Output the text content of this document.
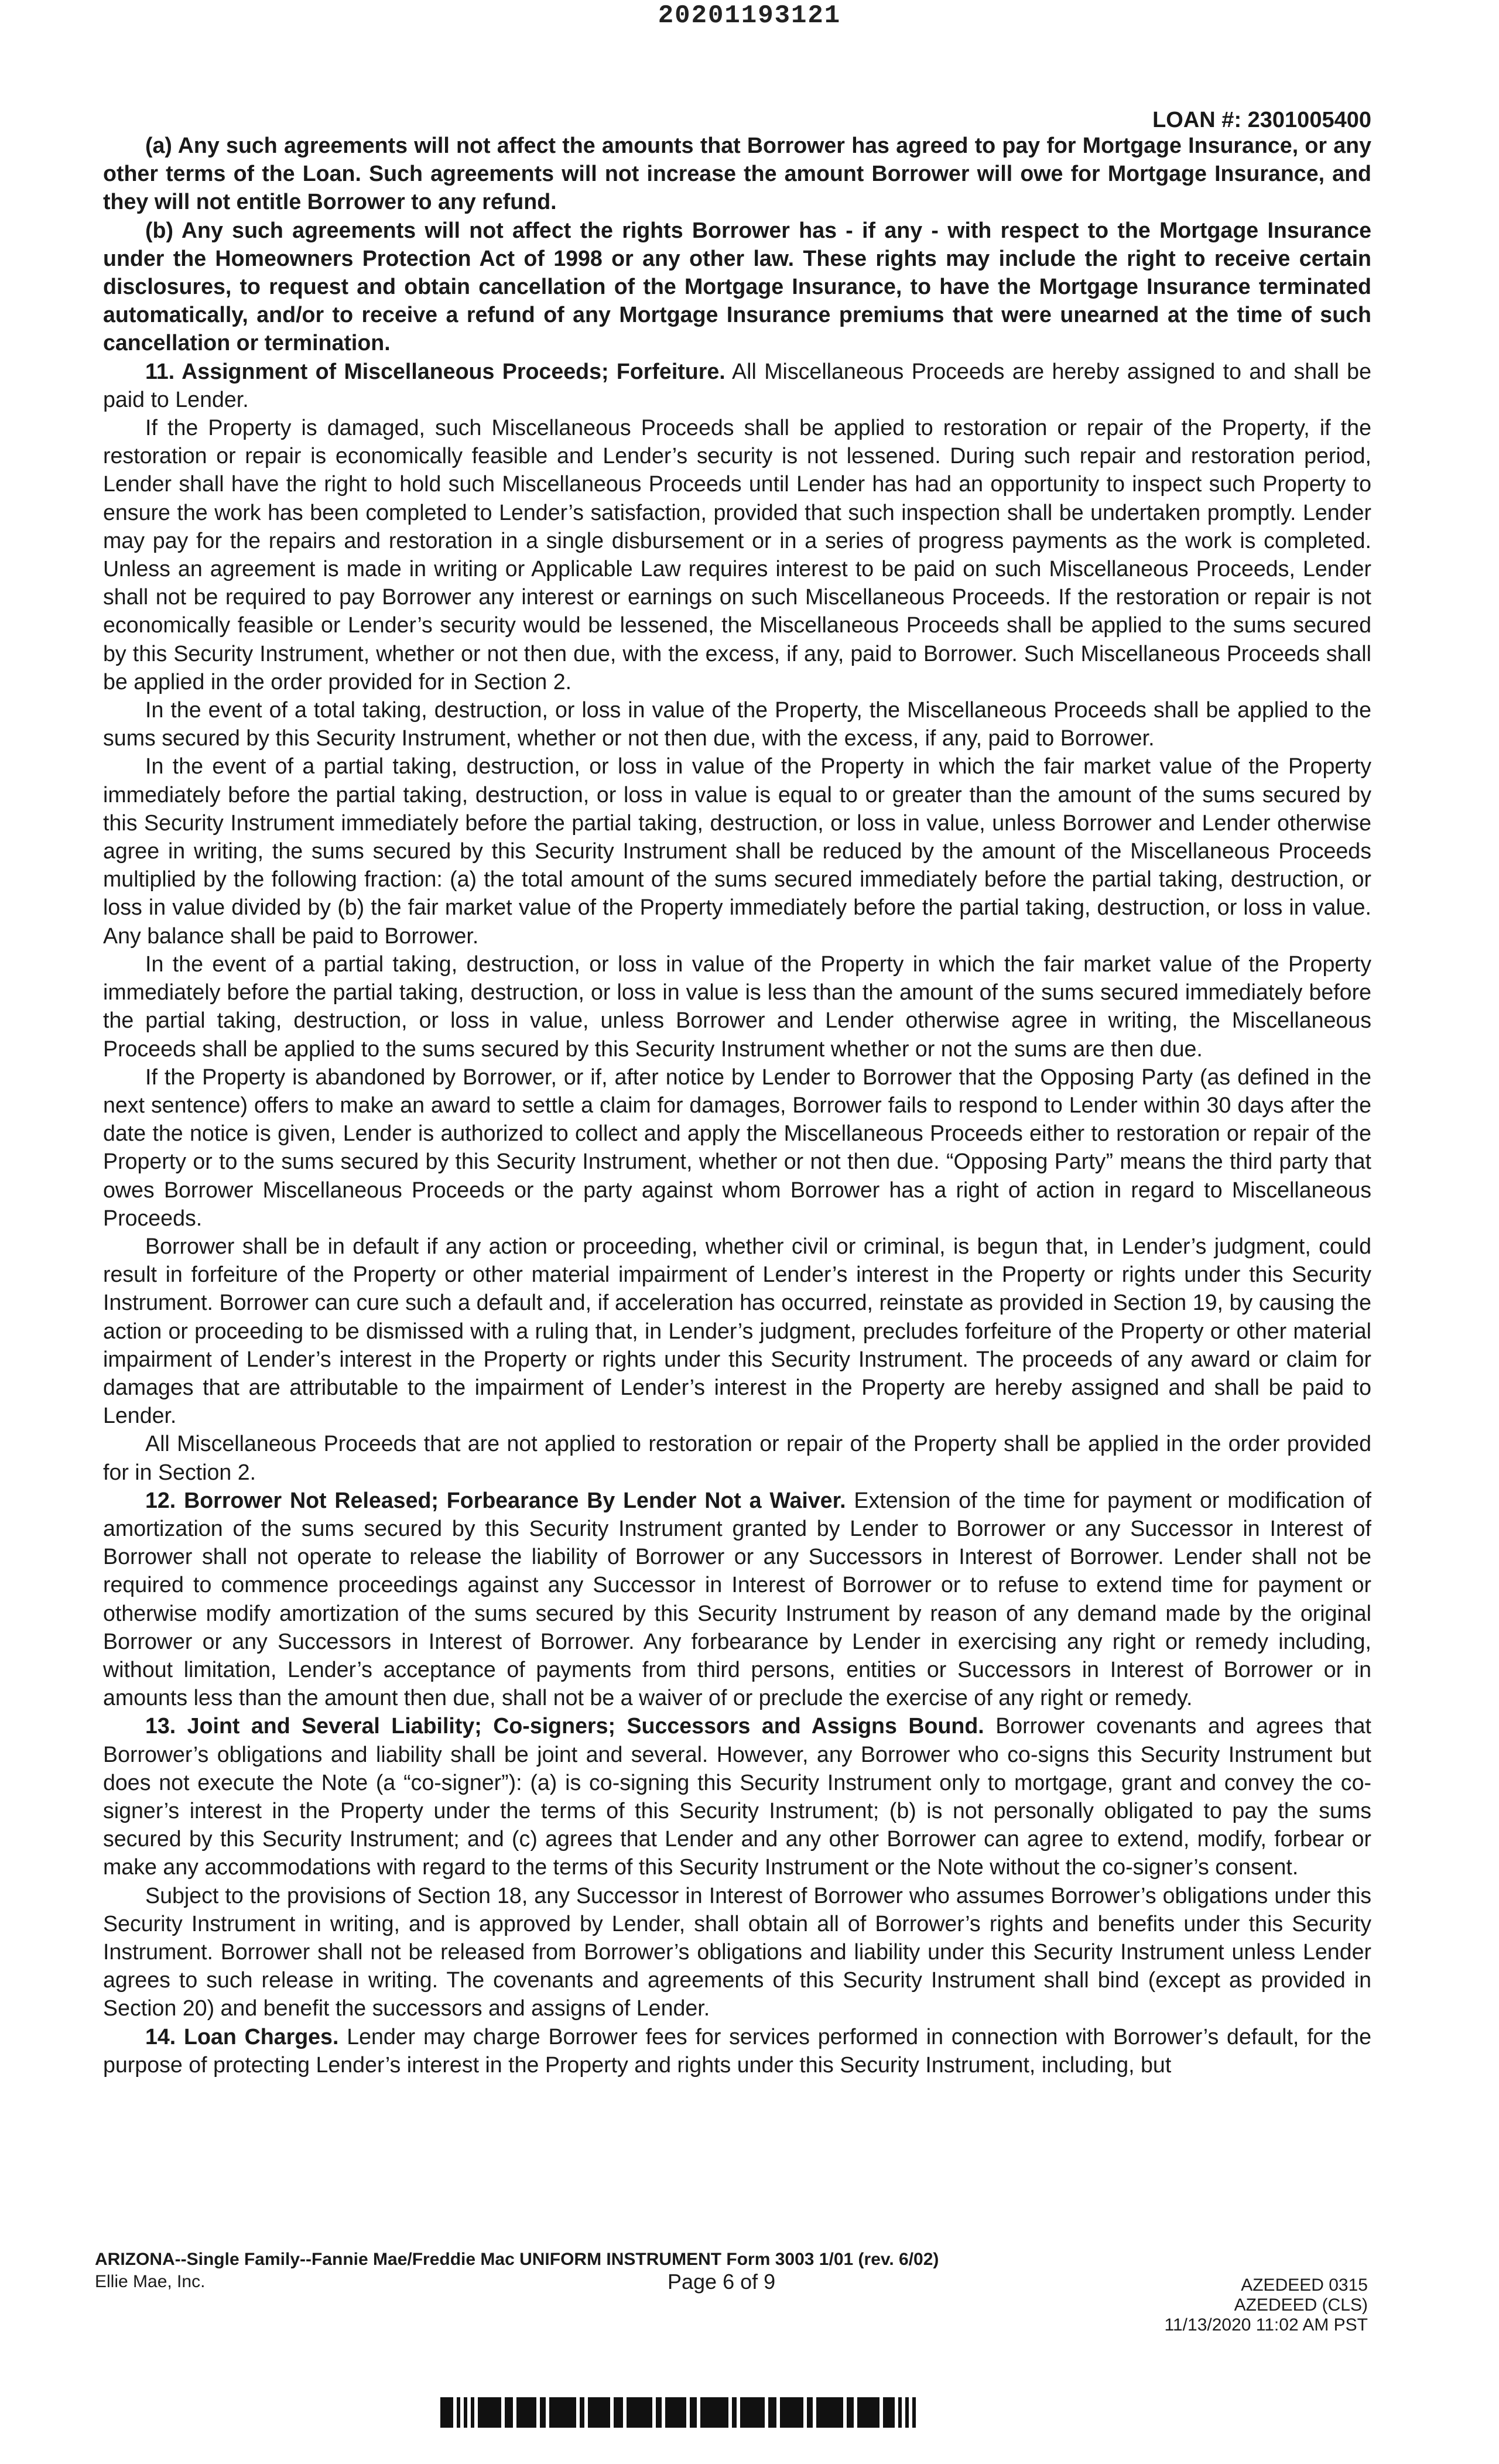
20201193121
LOAN #: 2301005400

(a) Any such agreements will not affect the amounts that Borrower has agreed to pay for Mortgage Insurance, or any other terms of the Loan. Such agreements will not increase the amount Borrower will owe for Mortgage Insurance, and they will not entitle Borrower to any refund.

(b) Any such agreements will not affect the rights Borrower has - if any - with respect to the Mortgage Insurance under the Homeowners Protection Act of 1998 or any other law. These rights may include the right to receive certain disclosures, to request and obtain cancellation of the Mortgage Insurance, to have the Mortgage Insurance terminated automatically, and/or to receive a refund of any Mortgage Insurance premiums that were unearned at the time of such cancellation or termination.

11. Assignment of Miscellaneous Proceeds; Forfeiture. All Miscellaneous Proceeds are hereby assigned to and shall be paid to Lender.

If the Property is damaged, such Miscellaneous Proceeds shall be applied to restoration or repair of the Property, if the restoration or repair is economically feasible and Lender’s security is not lessened. During such repair and restoration period, Lender shall have the right to hold such Miscellaneous Proceeds until Lender has had an opportunity to inspect such Property to ensure the work has been completed to Lender’s satisfaction, provided that such inspection shall be undertaken promptly. Lender may pay for the repairs and restoration in a single disbursement or in a series of progress payments as the work is completed. Unless an agreement is made in writing or Applicable Law requires interest to be paid on such Miscellaneous Proceeds, Lender shall not be required to pay Borrower any interest or earnings on such Miscellaneous Proceeds. If the restoration or repair is not economically feasible or Lender’s security would be lessened, the Miscellaneous Proceeds shall be applied to the sums secured by this Security Instrument, whether or not then due, with the excess, if any, paid to Borrower. Such Miscellaneous Proceeds shall be applied in the order provided for in Section 2.

In the event of a total taking, destruction, or loss in value of the Property, the Miscellaneous Proceeds shall be applied to the sums secured by this Security Instrument, whether or not then due, with the excess, if any, paid to Borrower.

In the event of a partial taking, destruction, or loss in value of the Property in which the fair market value of the Property immediately before the partial taking, destruction, or loss in value is equal to or greater than the amount of the sums secured by this Security Instrument immediately before the partial taking, destruction, or loss in value, unless Borrower and Lender otherwise agree in writing, the sums secured by this Security Instrument shall be reduced by the amount of the Miscellaneous Proceeds multiplied by the following fraction: (a) the total amount of the sums secured immediately before the partial taking, destruction, or loss in value divided by (b) the fair market value of the Property immediately before the partial taking, destruction, or loss in value. Any balance shall be paid to Borrower.

In the event of a partial taking, destruction, or loss in value of the Property in which the fair market value of the Property immediately before the partial taking, destruction, or loss in value is less than the amount of the sums secured immediately before the partial taking, destruction, or loss in value, unless Borrower and Lender otherwise agree in writing, the Miscellaneous Proceeds shall be applied to the sums secured by this Security Instrument whether or not the sums are then due.

If the Property is abandoned by Borrower, or if, after notice by Lender to Borrower that the Opposing Party (as defined in the next sentence) offers to make an award to settle a claim for damages, Borrower fails to respond to Lender within 30 days after the date the notice is given, Lender is authorized to collect and apply the Miscellaneous Proceeds either to restoration or repair of the Property or to the sums secured by this Security Instrument, whether or not then due. “Opposing Party” means the third party that owes Borrower Miscellaneous Proceeds or the party against whom Borrower has a right of action in regard to Miscellaneous Proceeds.

Borrower shall be in default if any action or proceeding, whether civil or criminal, is begun that, in Lender’s judgment, could result in forfeiture of the Property or other material impairment of Lender’s interest in the Property or rights under this Security Instrument. Borrower can cure such a default and, if acceleration has occurred, reinstate as provided in Section 19, by causing the action or proceeding to be dismissed with a ruling that, in Lender’s judgment, precludes forfeiture of the Property or other material impairment of Lender’s interest in the Property or rights under this Security Instrument. The proceeds of any award or claim for damages that are attributable to the impairment of Lender’s interest in the Property are hereby assigned and shall be paid to Lender.

All Miscellaneous Proceeds that are not applied to restoration or repair of the Property shall be applied in the order provided for in Section 2.

12. Borrower Not Released; Forbearance By Lender Not a Waiver. Extension of the time for payment or modification of amortization of the sums secured by this Security Instrument granted by Lender to Borrower or any Successor in Interest of Borrower shall not operate to release the liability of Borrower or any Successors in Interest of Borrower. Lender shall not be required to commence proceedings against any Successor in Interest of Borrower or to refuse to extend time for payment or otherwise modify amortization of the sums secured by this Security Instrument by reason of any demand made by the original Borrower or any Successors in Interest of Borrower. Any forbearance by Lender in exercising any right or remedy including, without limitation, Lender’s acceptance of payments from third persons, entities or Successors in Interest of Borrower or in amounts less than the amount then due, shall not be a waiver of or preclude the exercise of any right or remedy.

13. Joint and Several Liability; Co-signers; Successors and Assigns Bound. Borrower covenants and agrees that Borrower’s obligations and liability shall be joint and several. However, any Borrower who co-signs this Security Instrument but does not execute the Note (a “co-signer”): (a) is co-signing this Security Instrument only to mortgage, grant and convey the co-signer’s interest in the Property under the terms of this Security Instrument; (b) is not personally obligated to pay the sums secured by this Security Instrument; and (c) agrees that Lender and any other Borrower can agree to extend, modify, forbear or make any accommodations with regard to the terms of this Security Instrument or the Note without the co-signer’s consent.

Subject to the provisions of Section 18, any Successor in Interest of Borrower who assumes Borrower’s obligations under this Security Instrument in writing, and is approved by Lender, shall obtain all of Borrower’s rights and benefits under this Security Instrument. Borrower shall not be released from Borrower’s obligations and liability under this Security Instrument unless Lender agrees to such release in writing. The covenants and agreements of this Security Instrument shall bind (except as provided in Section 20) and benefit the successors and assigns of Lender.

14. Loan Charges. Lender may charge Borrower fees for services performed in connection with Borrower’s default, for the purpose of protecting Lender’s interest in the Property and rights under this Security Instrument, including, but

ARIZONA--Single Family--Fannie Mae/Freddie Mac UNIFORM INSTRUMENT Form 3003 1/01 (rev. 6/02)
Ellie Mae, Inc.	Page 6 of 9	AZEDEED 0315
AZEDEED (CLS)
11/13/2020 11:02 AM PST
